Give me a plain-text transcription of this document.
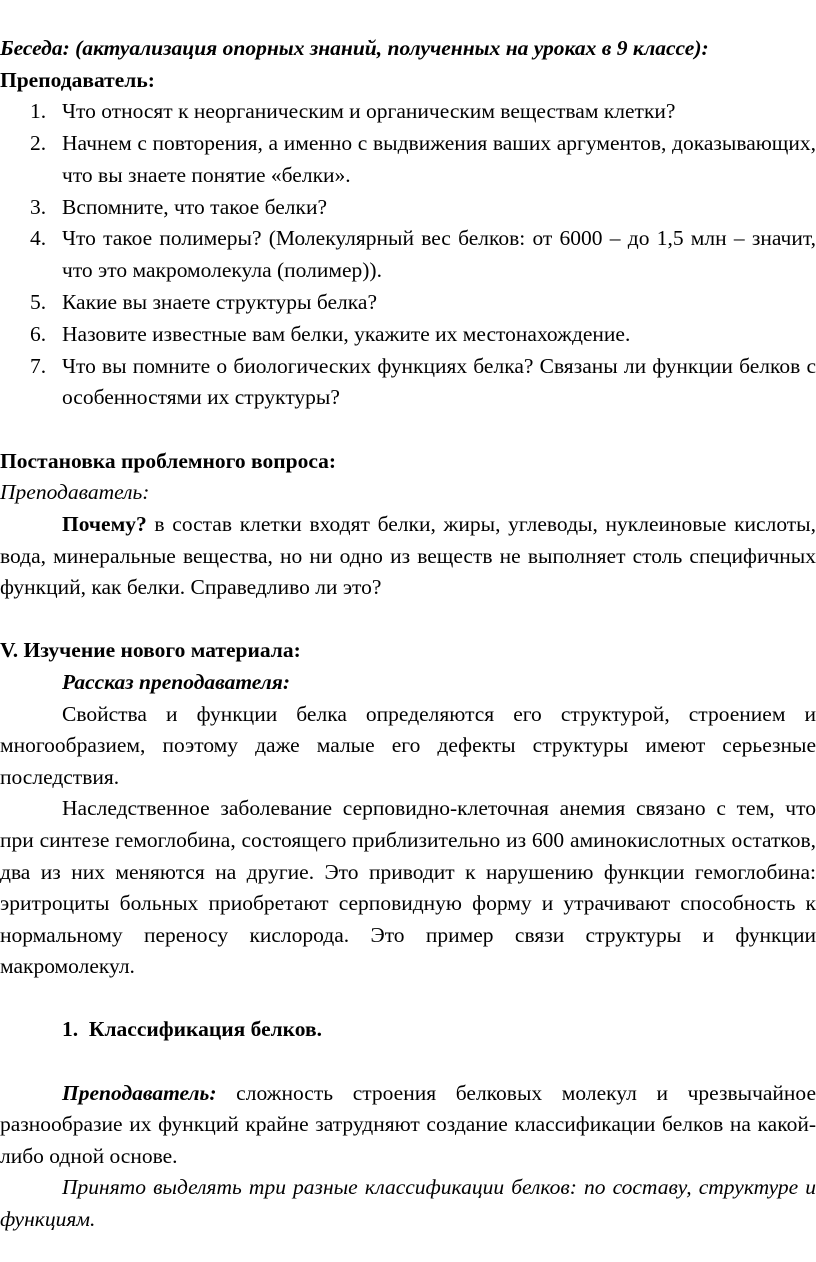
Беседа: (актуализация опорных знаний, полученных на уроках в 9 классе):

Преподаватель:

1. Что относят к неорганическим и органическим веществам клетки?
2. Начнем с повторения, а именно с выдвижения ваших аргументов, доказывающих, что вы знаете понятие «белки».
3. Вспомните, что такое белки?
4. Что такое полимеры? (Молекулярный вес белков: от 6000 – до 1,5 млн – значит, что это макромолекула (полимер)).
5. Какие вы знаете структуры белка?
6. Назовите известные вам белки, укажите их местонахождение.
7. Что вы помните о биологических функциях белка? Связаны ли функции белков с особенностями их структуры?

Постановка проблемного вопроса:

Преподаватель:

Почему? в состав клетки входят белки, жиры, углеводы, нуклеиновые кислоты, вода, минеральные вещества, но ни одно из веществ не выполняет столь специфичных функций, как белки. Справедливо ли это?

V. Изучение нового материала:

Рассказ преподавателя:

Свойства и функции белка определяются его структурой, строением и многообразием, поэтому даже малые его дефекты структуры имеют серьезные последствия.

Наследственное заболевание серповидно-клеточная анемия связано с тем, что при синтезе гемоглобина, состоящего приблизительно из 600 аминокислотных остатков, два из них меняются на другие. Это приводит к нарушению функции гемоглобина: эритроциты больных приобретают серповидную форму и утрачивают способность к нормальному переносу кислорода. Это пример связи структуры и функции макромолекул.

1. Классификация белков.

Преподаватель: сложность строения белковых молекул и чрезвычайное разнообразие их функций крайне затрудняют создание классификации белков на какой-либо одной основе.

Принято выделять три разные классификации белков: по составу, структуре и функциям.
